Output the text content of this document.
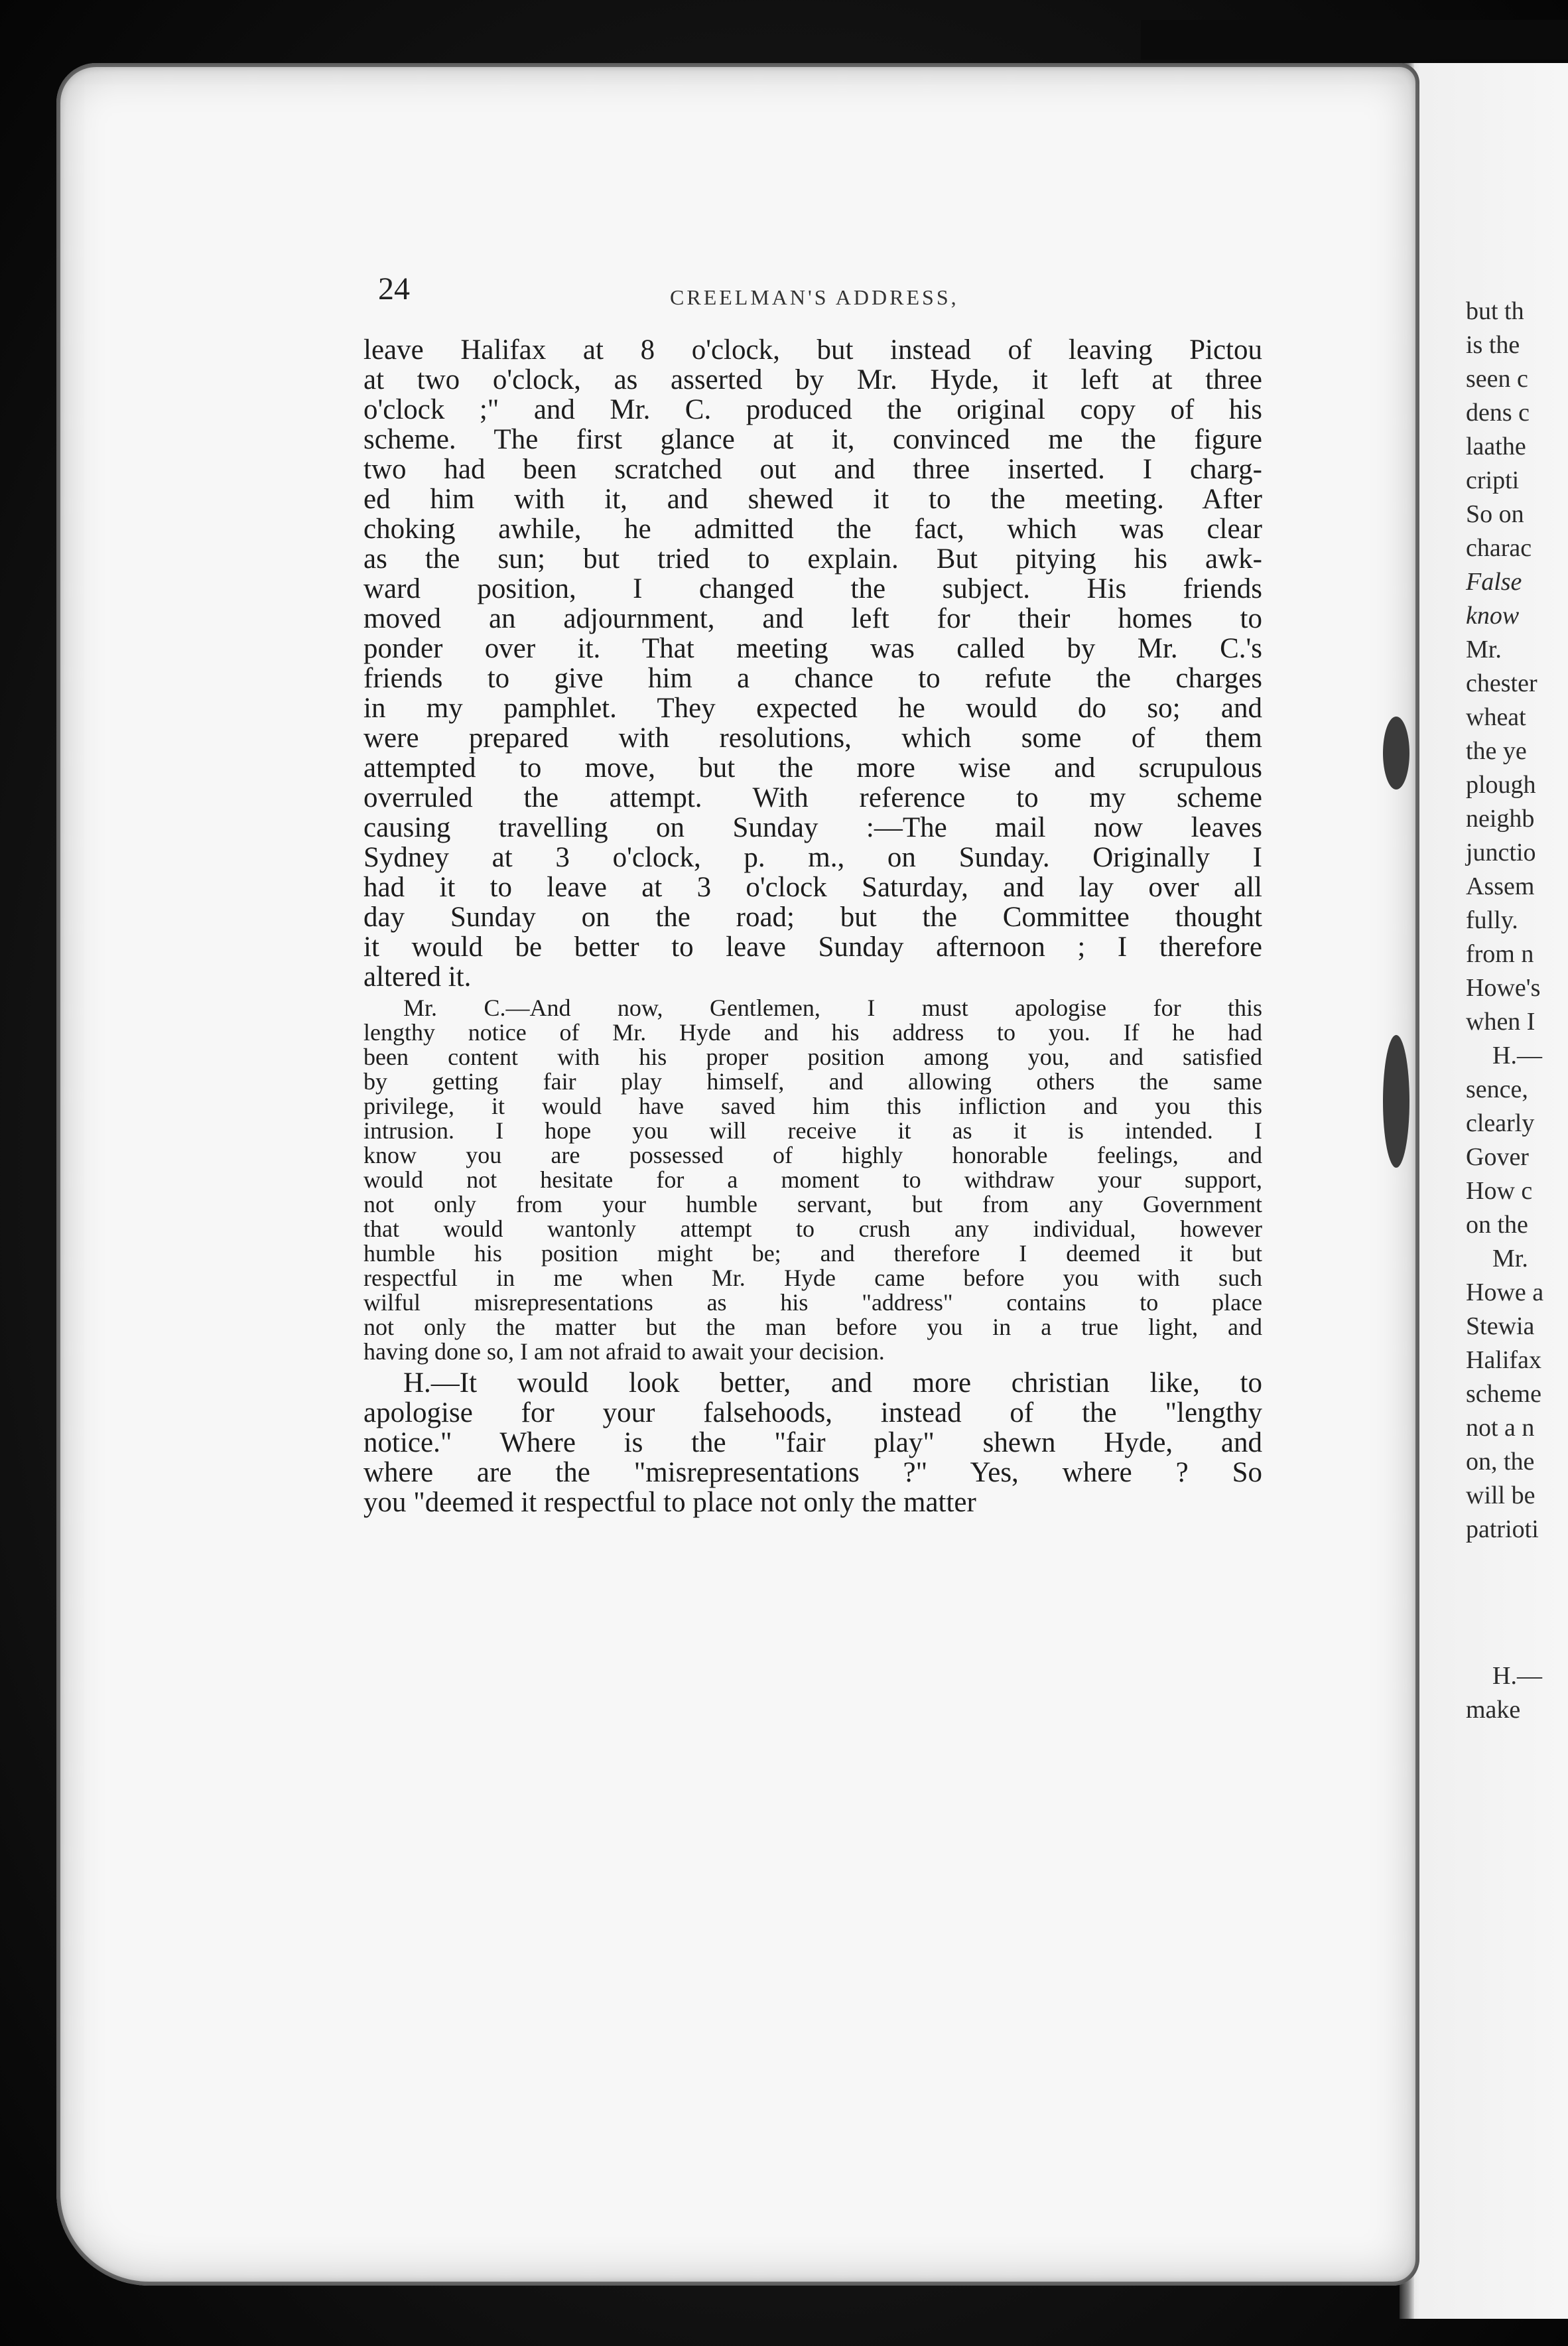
but th
is the
seen c
dens c
laathe
cripti
So on
charac
False
know
Mr.
chester
wheat
the ye
plough
neighb
junctio
Assem
fully.
from n
Howe's
when I
H.—
sence,
clearly
Gover
How c
on the
Mr.
Howe a
Stewia
Halifax
scheme
not a n
on, the
will be
patrioti
H.—
make
24	CREELMAN'S ADDRESS,
leave Halifax at 8 o'clock, but instead of leaving Pictou
at two o'clock, as asserted by Mr. Hyde, it left at three
o'clock ;" and Mr. C. produced the original copy of his
scheme. The first glance at it, convinced me the figure
two had been scratched out and three inserted. I charg-
ed him with it, and shewed it to the meeting. After
choking awhile, he admitted the fact, which was clear
as the sun; but tried to explain. But pitying his awk-
ward position, I changed the subject. His friends
moved an adjournment, and left for their homes to
ponder over it. That meeting was called by Mr. C.'s
friends to give him a chance to refute the charges
in my pamphlet. They expected he would do so; and
were prepared with resolutions, which some of them
attempted to move, but the more wise and scrupulous
overruled the attempt. With reference to my scheme
causing travelling on Sunday :—The mail now leaves
Sydney at 3 o'clock, p. m., on Sunday. Originally I
had it to leave at 3 o'clock Saturday, and lay over all
day Sunday on the road; but the Committee thought
it would be better to leave Sunday afternoon ; I therefore
altered it.
Mr. C.—And now, Gentlemen, I must apologise for this
lengthy notice of Mr. Hyde and his address to you. If he had
been content with his proper position among you, and satisfied
by getting fair play himself, and allowing others the same
privilege, it would have saved him this infliction and you this
intrusion. I hope you will receive it as it is intended. I
know you are possessed of highly honorable feelings, and
would not hesitate for a moment to withdraw your support,
not only from your humble servant, but from any Government
that would wantonly attempt to crush any individual, however
humble his position might be; and therefore I deemed it but
respectful in me when Mr. Hyde came before you with such
wilful misrepresentations as his "address" contains to place
not only the matter but the man before you in a true light, and
having done so, I am not afraid to await your decision.
H.—It would look better, and more christian like, to
apologise for your falsehoods, instead of the "lengthy
notice." Where is the "fair play" shewn Hyde, and
where are the "misrepresentations ?" Yes, where ? So
you "deemed it respectful to place not only the matter
